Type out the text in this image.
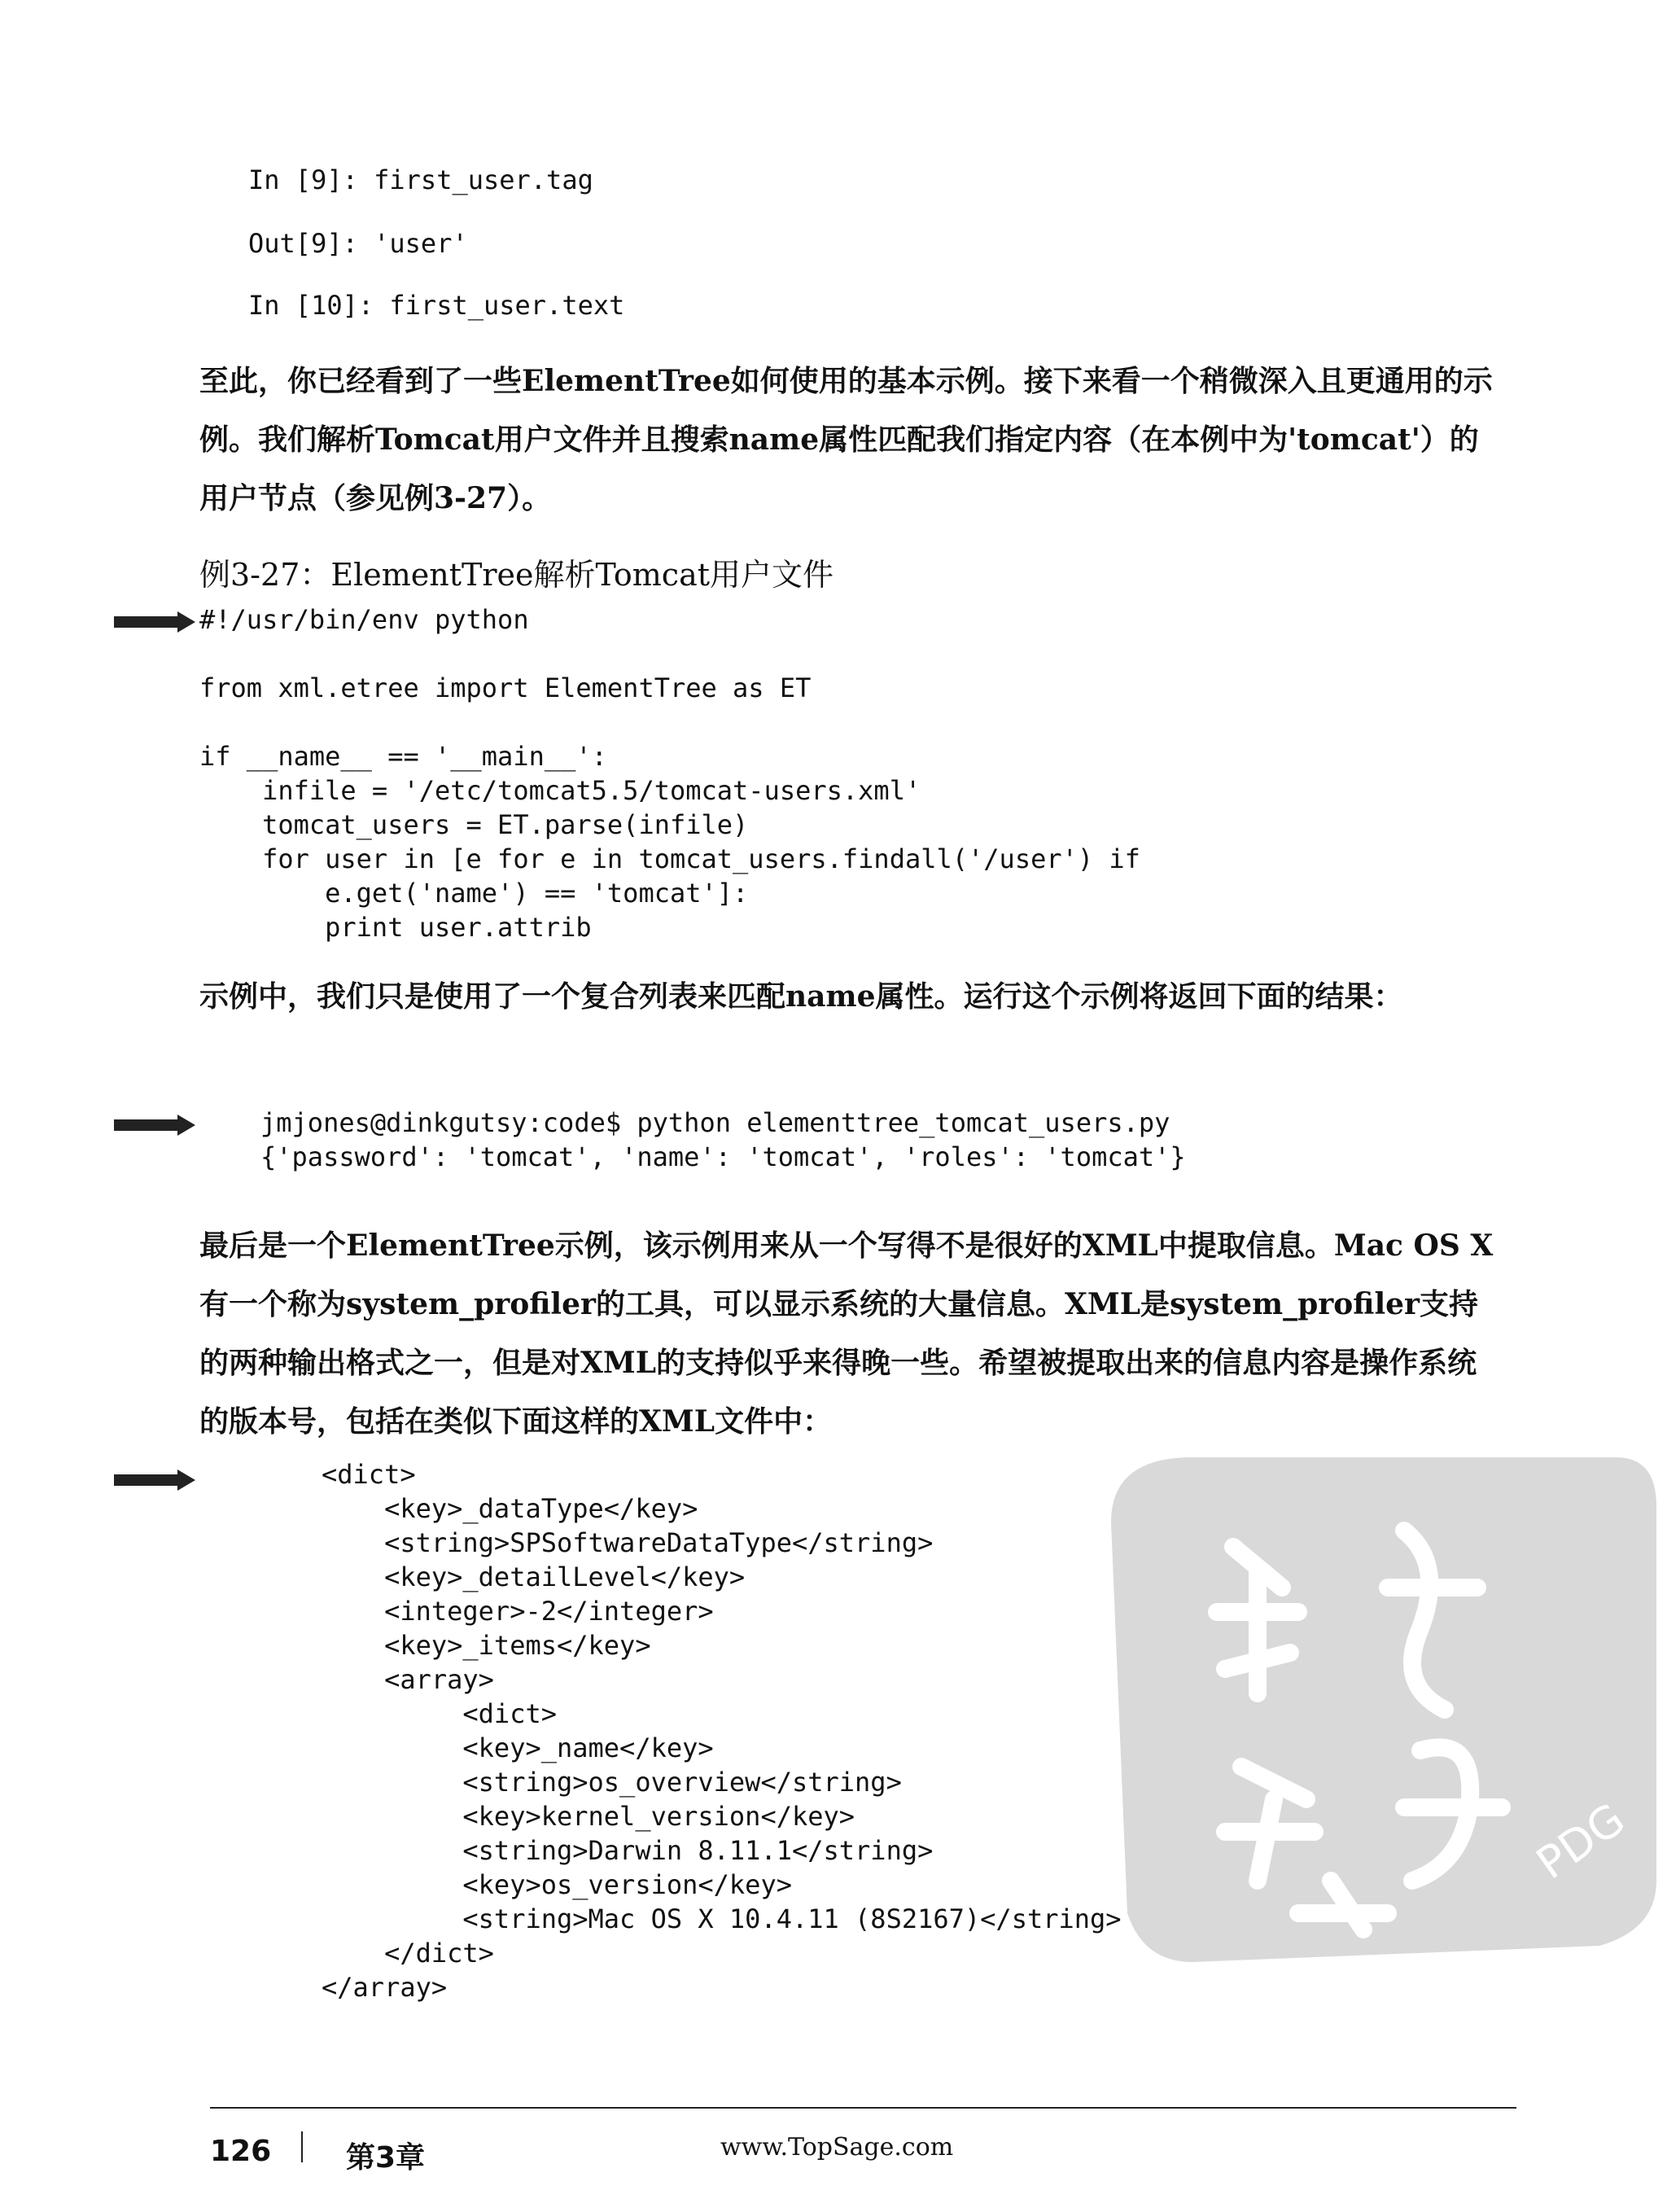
In [9]: first_user.tag
Out[9]: 'user'
In [10]: first_user.text

至此，你已经看到了一些ElementTree如何使用的基本示例。接下来看一个稍微深入且更通用的示例。我们解析Tomcat用户文件并且搜索name属性匹配我们指定内容（在本例中为'tomcat'）的用户节点（参见例3-27）。

例3-27：ElementTree解析Tomcat用户文件

#!/usr/bin/env python

from xml.etree import ElementTree as ET

if __name__ == '__main__':
infile = '/etc/tomcat5.5/tomcat-users.xml'
tomcat_users = ET.parse(infile)
for user in [e for e in tomcat_users.findall('/user') if
e.get('name') == 'tomcat']:
print user.attrib

示例中，我们只是使用了一个复合列表来匹配name属性。运行这个示例将返回下面的结果：

jmjones@dinkgutsy:code$ python elementtree_tomcat_users.py
{'password': 'tomcat', 'name': 'tomcat', 'roles': 'tomcat'}

最后是一个ElementTree示例，该示例用来从一个写得不是很好的XML中提取信息。Mac OS X有一个称为system_profiler的工具，可以显示系统的大量信息。XML是system_profiler支持的两种输出格式之一，但是对XML的支持似乎来得晚一些。希望被提取出来的信息内容是操作系统的版本号，包括在类似下面这样的XML文件中：

PDG
<dict>
<key>_dataType</key>
<string>SPSoftwareDataType</string>
<key>_detailLevel</key>
<integer>-2</integer>
<key>_items</key>
<array>
<dict>
<key>_name</key>
<string>os_overview</string>
<key>kernel_version</key>
<string>Darwin 8.11.1</string>
<key>os_version</key>
<string>Mac OS X 10.4.11 (8S2167)</string>
</dict>
</array>
126	第3章	www.TopSage.com
